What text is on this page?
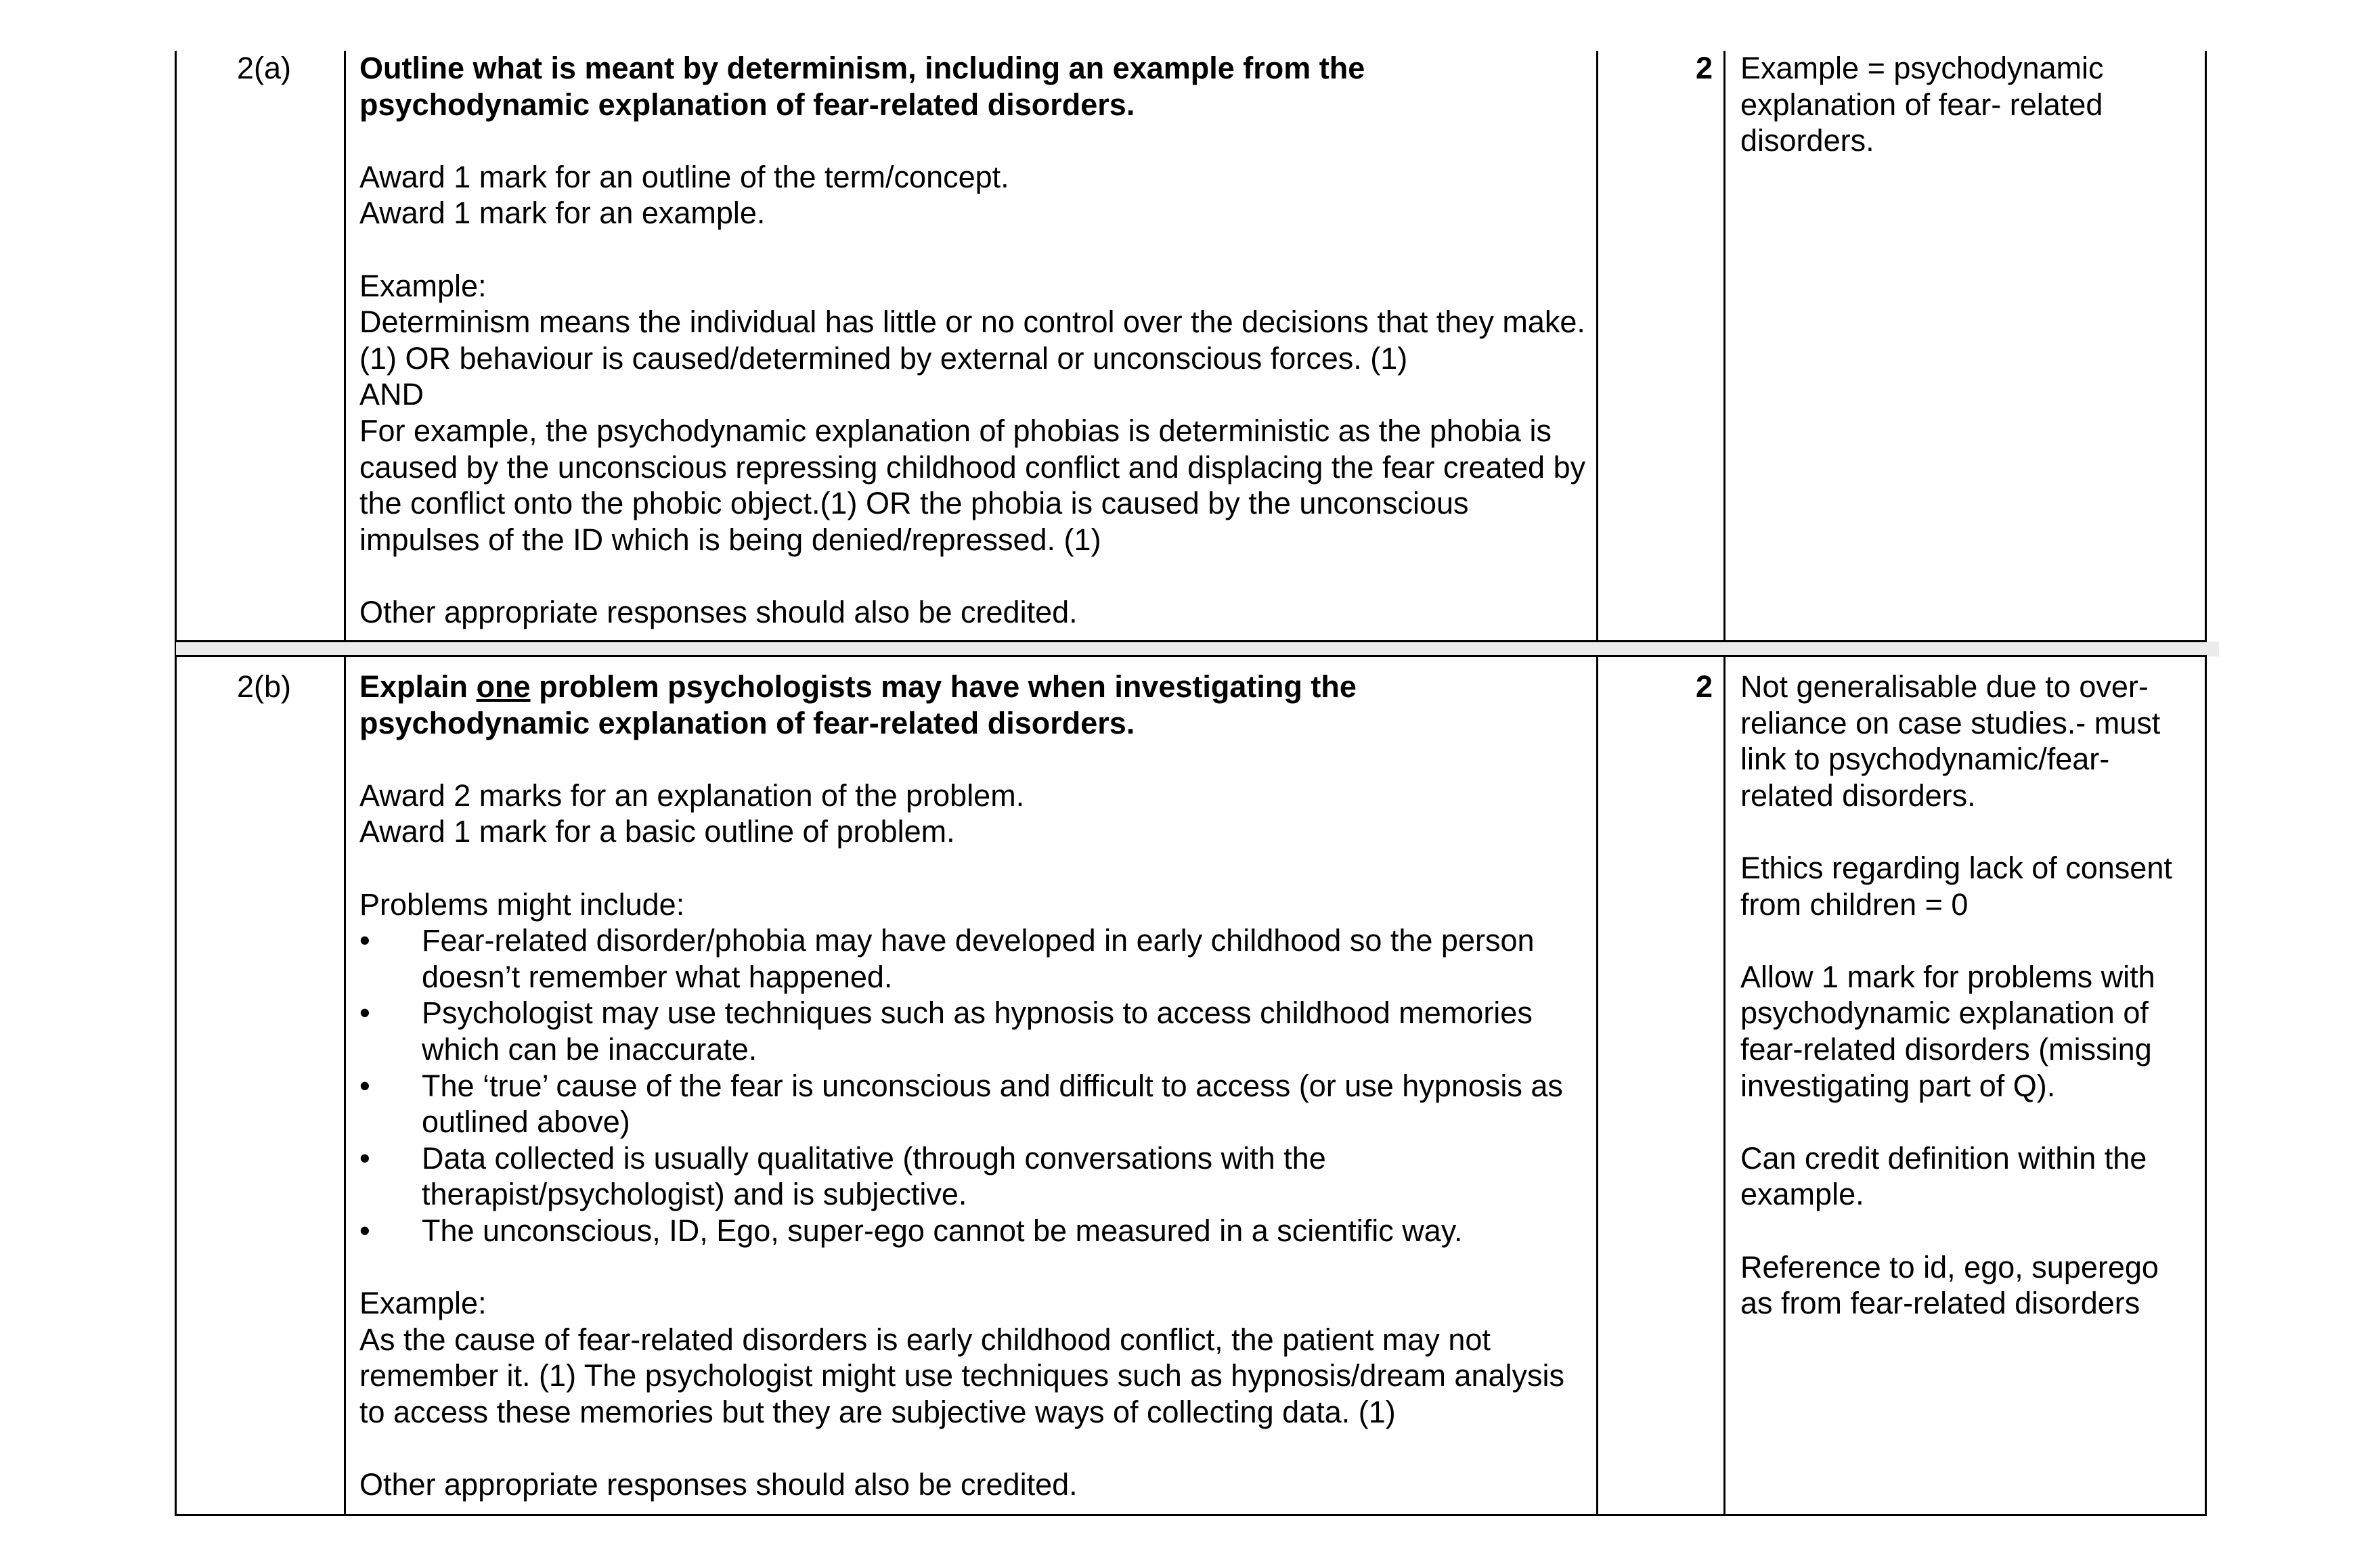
2(a) Outline what is meant by determinism, including an example from the psychodynamic explanation of fear-related disorders.

Award 1 mark for an outline of the term/concept.

Award 1 mark for an example.

Example:

Determinism means the individual has little or no control over the decisions that they make. (1) OR behaviour is caused/determined by external or unconscious forces. (1)

AND

For example, the psychodynamic explanation of phobias is deterministic as the phobia is caused by the unconscious repressing childhood conflict and displacing the fear created by the conflict onto the phobic object.(1) OR the phobia is caused by the unconscious impulses of the ID which is being denied/repressed. (1)

Other appropriate responses should also be credited.

2 Example = psychodynamic explanation of fear- related disorders.

2(b) Explain one problem psychologists may have when investigating the psychodynamic explanation of fear-related disorders.

Award 2 marks for an explanation of the problem.

Award 1 mark for a basic outline of problem.

Problems might include:

• Fear-related disorder/phobia may have developed in early childhood so the person doesn’t remember what happened.
• Psychologist may use techniques such as hypnosis to access childhood memories which can be inaccurate.
• The ‘true’ cause of the fear is unconscious and difficult to access (or use hypnosis as outlined above)
• Data collected is usually qualitative (through conversations with the therapist/psychologist) and is subjective.
• The unconscious, ID, Ego, super-ego cannot be measured in a scientific way.

Example:

As the cause of fear-related disorders is early childhood conflict, the patient may not remember it. (1) The psychologist might use techniques such as hypnosis/dream analysis to access these memories but they are subjective ways of collecting data. (1)

Other appropriate responses should also be credited.

2 Not generalisable due to over-reliance on case studies.- must link to psychodynamic/fear-related disorders.

Ethics regarding lack of consent from children = 0

Allow 1 mark for problems with psychodynamic explanation of fear-related disorders (missing investigating part of Q).

Can credit definition within the example.

Reference to id, ego, superego as from fear-related disorders
